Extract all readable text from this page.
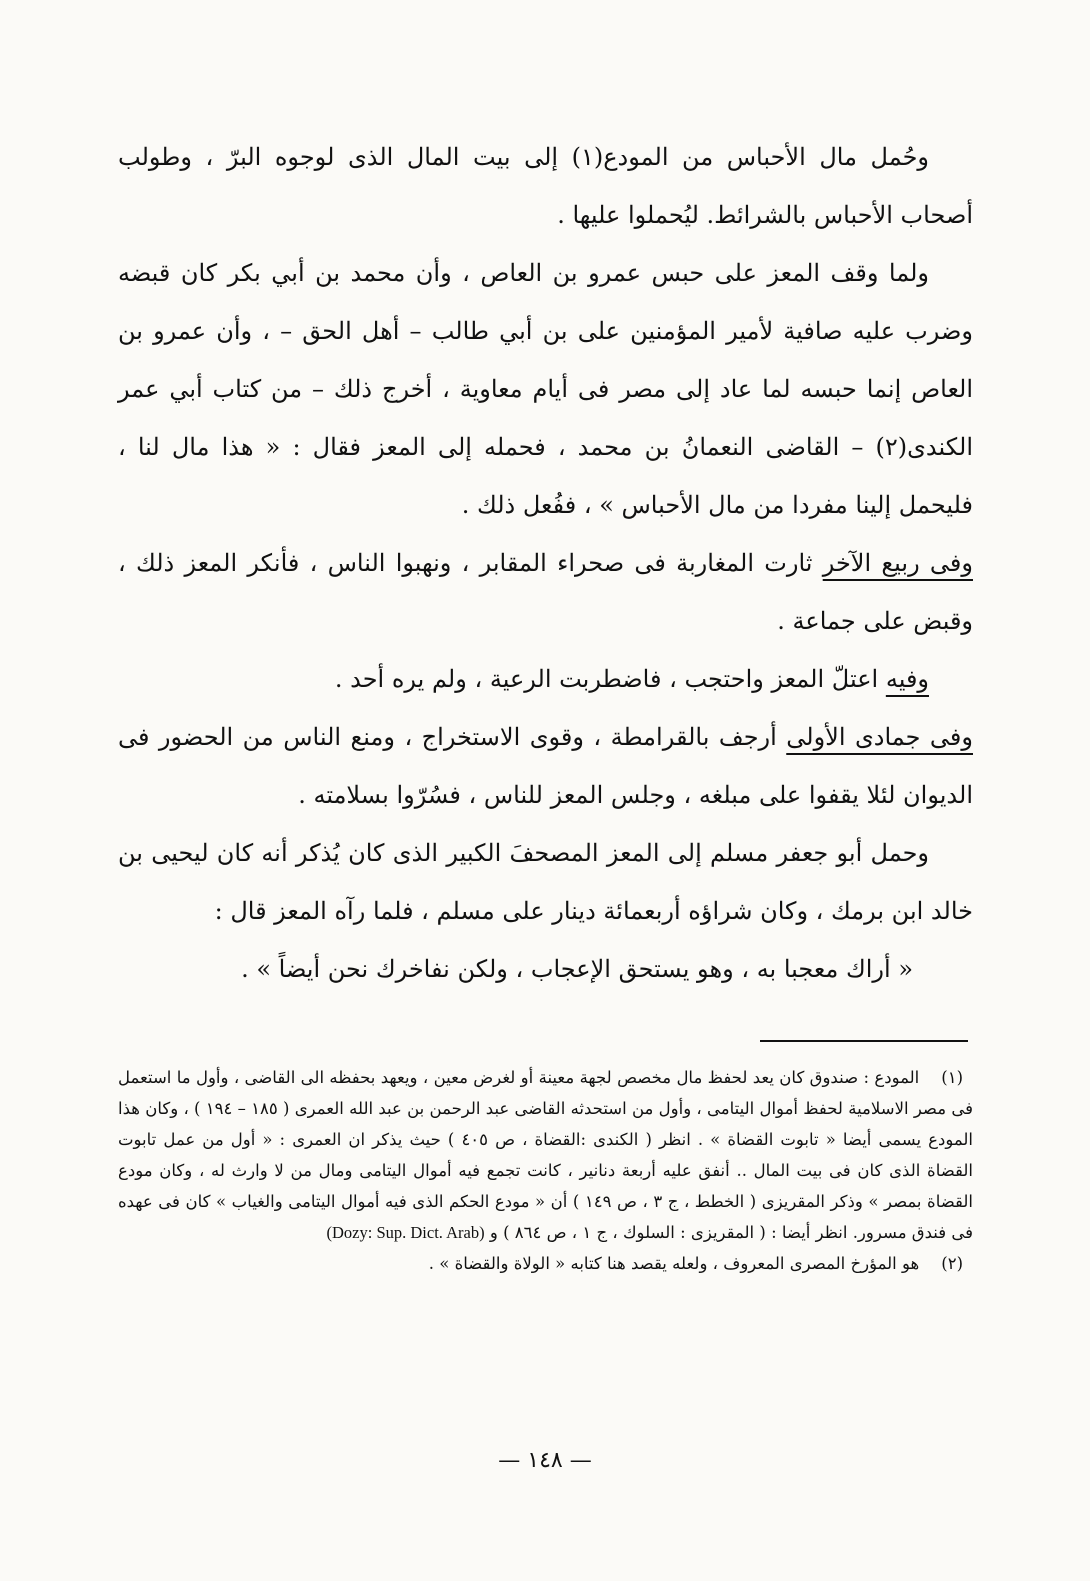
وحُمل مال الأحباس من المودع(١) إلى بيت المال الذى لوجوه البرّ ، وطولب أصحاب الأحباس بالشرائط. ليُحملوا عليها .

ولما وقف المعز على حبس عمرو بن العاص ، وأن محمد بن أبي بكر كان قبضه وضرب عليه صافية لأمير المؤمنين على بن أبي طالب – أهل الحق – ، وأن عمرو بن العاص إنما حبسه لما عاد إلى مصر فى أيام معاوية ، أخرج ذلك – من كتاب أبي عمر الكندى(٢) – القاضى النعمانُ بن محمد ، فحمله إلى المعز فقال : « هذا مال لنا ، فليحمل إلينا مفردا من مال الأحباس » ، ففُعل ذلك .

وفى ربيع الآخر ثارت المغاربة فى صحراء المقابر ، ونهبوا الناس ، فأنكر المعز ذلك ، وقبض على جماعة .

وفيه اعتلّ المعز واحتجب ، فاضطربت الرعية ، ولم يره أحد .

وفى جمادى الأولى أرجف بالقرامطة ، وقوى الاستخراج ، ومنع الناس من الحضور فى الديوان لئلا يقفوا على مبلغه ، وجلس المعز للناس ، فسُرّوا بسلامته .

وحمل أبو جعفر مسلم إلى المعز المصحفَ الكبير الذى كان يُذكر أنه كان ليحيى بن خالد ابن برمك ، وكان شراؤه أربعمائة دينار على مسلم ، فلما رآه المعز قال :

« أراك معجبا به ، وهو يستحق الإعجاب ، ولكن نفاخرك نحن أيضاً » .

(١)المودع : صندوق كان يعد لحفظ مال مخصص لجهة معينة أو لغرض معين ، ويعهد بحفظه الى القاضى ، وأول ما استعمل فى مصر الاسلامية لحفظ أموال اليتامى ، وأول من استحدثه القاضى عبد الرحمن بن عبد الله العمرى ( ١٨٥ – ١٩٤ ) ، وكان هذا المودع يسمى أيضا « تابوت القضاة » . انظر ( الكندى :القضاة ، ص ٤٠٥ ) حيث يذكر ان العمرى : « أول من عمل تابوت القضاة الذى كان فى بيت المال .. أنفق عليه أربعة دنانير ، كانت تجمع فيه أموال اليتامى ومال من لا وارث له ، وكان مودع القضاة بمصر » وذكر المقريزى ( الخطط ، ج ٣ ، ص ١٤٩ ) أن « مودع الحكم الذى فيه أموال اليتامى والغياب » كان فى عهده فى فندق مسرور. انظر أيضا : ( المقريزى : السلوك ، ج ١ ، ص ٨٦٤ ) و (Dozy: Sup. Dict. Arab)

(٢)هو المؤرخ المصرى المعروف ، ولعله يقصد هنا كتابه « الولاة والقضاة » .

— ١٤٨ —
